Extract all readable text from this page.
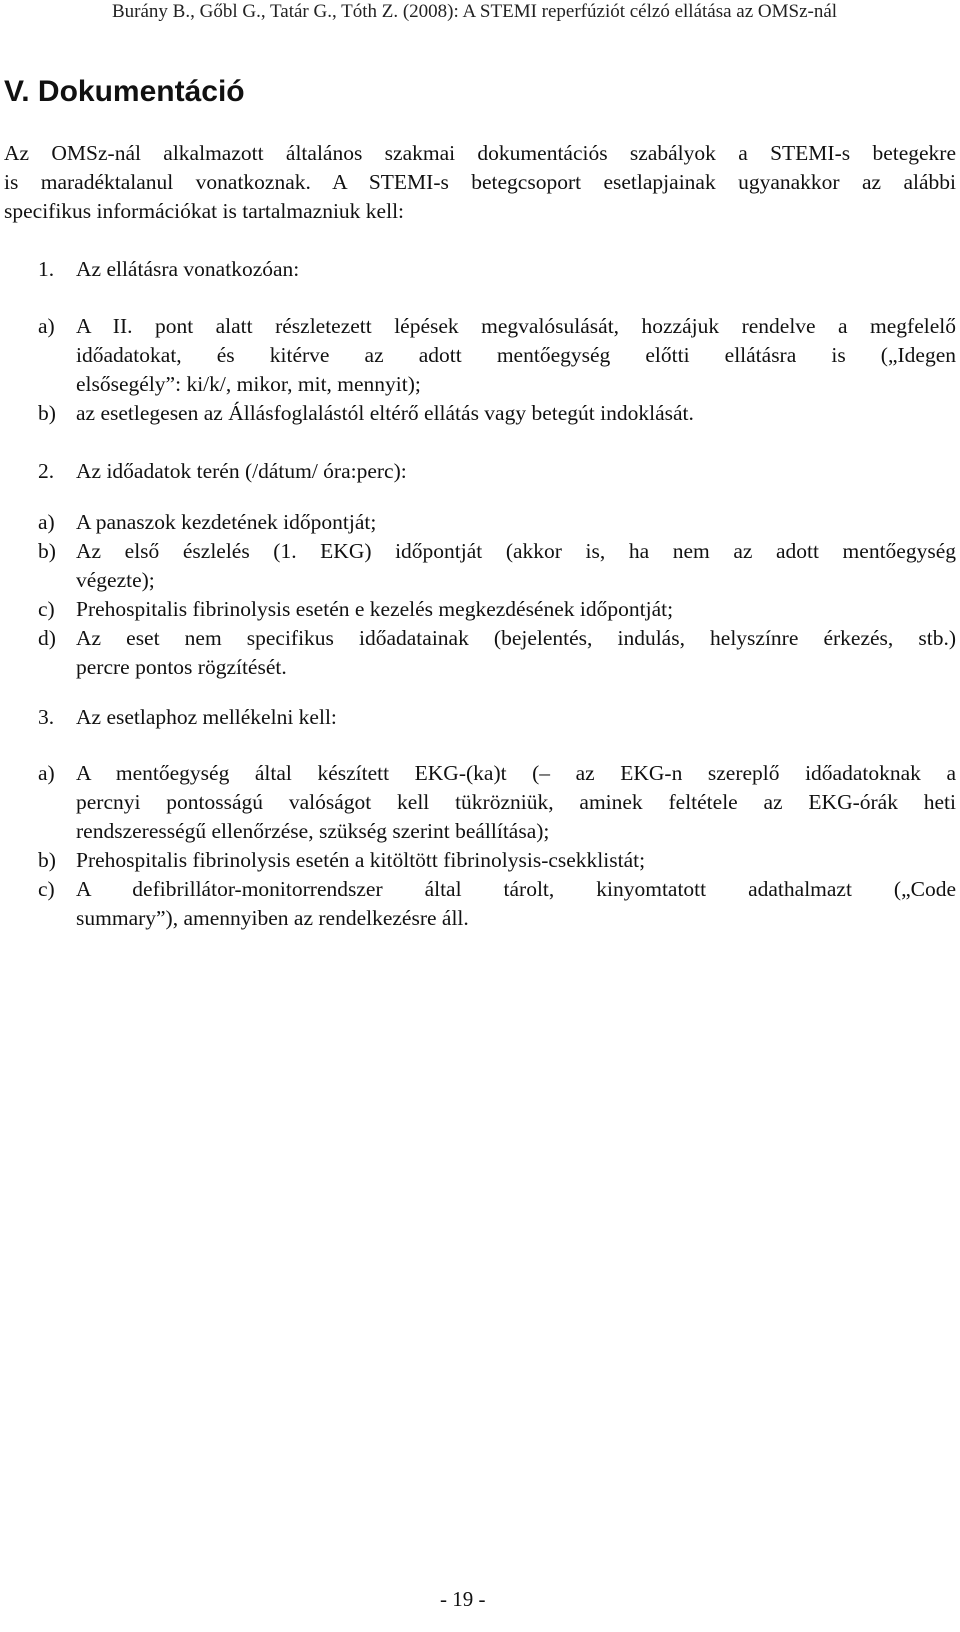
Burány B., Gőbl G., Tatár G., Tóth Z. (2008): A STEMI reperfúziót célzó ellátása az OMSz-nál
V. Dokumentáció
Az OMSz-nál alkalmazott általános szakmai dokumentációs szabályok a STEMI-s betegekre
is maradéktalanul vonatkoznak. A STEMI-s betegcsoport esetlapjainak ugyanakkor az alábbi
specifikus információkat is tartalmazniuk kell:
1. Az ellátásra vonatkozóan:
a) A II. pont alatt részletezett lépések megvalósulását, hozzájuk rendelve a megfelelő
időadatokat, és kitérve az adott mentőegység előtti ellátásra is („Idegen
elsősegély”: ki/k/, mikor, mit, mennyit);
b) az esetlegesen az Állásfoglalástól eltérő ellátás vagy betegút indoklását.
2. Az időadatok terén (/dátum/ óra:perc):
a) A panaszok kezdetének időpontját;
b) Az első észlelés (1. EKG) időpontját (akkor is, ha nem az adott mentőegység
végezte);
c) Prehospitalis fibrinolysis esetén e kezelés megkezdésének időpontját;
d) Az eset nem specifikus időadatainak (bejelentés, indulás, helyszínre érkezés, stb.)
percre pontos rögzítését.
3. Az esetlaphoz mellékelni kell:
a) A mentőegység által készített EKG-(ka)t (– az EKG-n szereplő időadatoknak a
percnyi pontosságú valóságot kell tükrözniük, aminek feltétele az EKG-órák heti
rendszerességű ellenőrzése, szükség szerint beállítása);
b) Prehospitalis fibrinolysis esetén a kitöltött fibrinolysis-csekklistát;
c) A defibrillátor-monitorrendszer által tárolt, kinyomtatott adathalmazt („Code
summary”), amennyiben az rendelkezésre áll.
- 19 -
